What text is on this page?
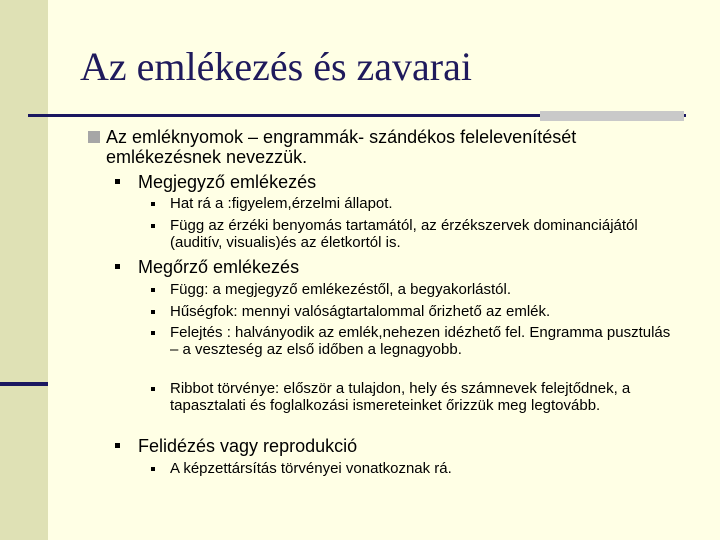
Az emlékezés és zavarai
Az emléknyomok – engrammák- szándékos felelevenítését emlékezésnek nevezzük.
Megjegyző emlékezés
Hat rá a :figyelem,érzelmi állapot.
Függ az érzéki benyomás tartamától, az érzékszervek dominanciájától (auditív, visualis)és az életkortól is.
Megőrző emlékezés
Függ: a megjegyző emlékezéstől, a begyakorlástól.
Hűségfok: mennyi valóságtartalommal őrizhető az emlék.
Felejtés : halványodik az emlék,nehezen idézhető fel. Engramma pusztulás – a veszteség az első időben a legnagyobb.
Ribbot törvénye: először a tulajdon, hely és számnevek felejtődnek, a tapasztalati és foglalkozási ismereteinket őrizzük meg legtovább.
Felidézés vagy reprodukció
A képzettársítás törvényei vonatkoznak rá.
